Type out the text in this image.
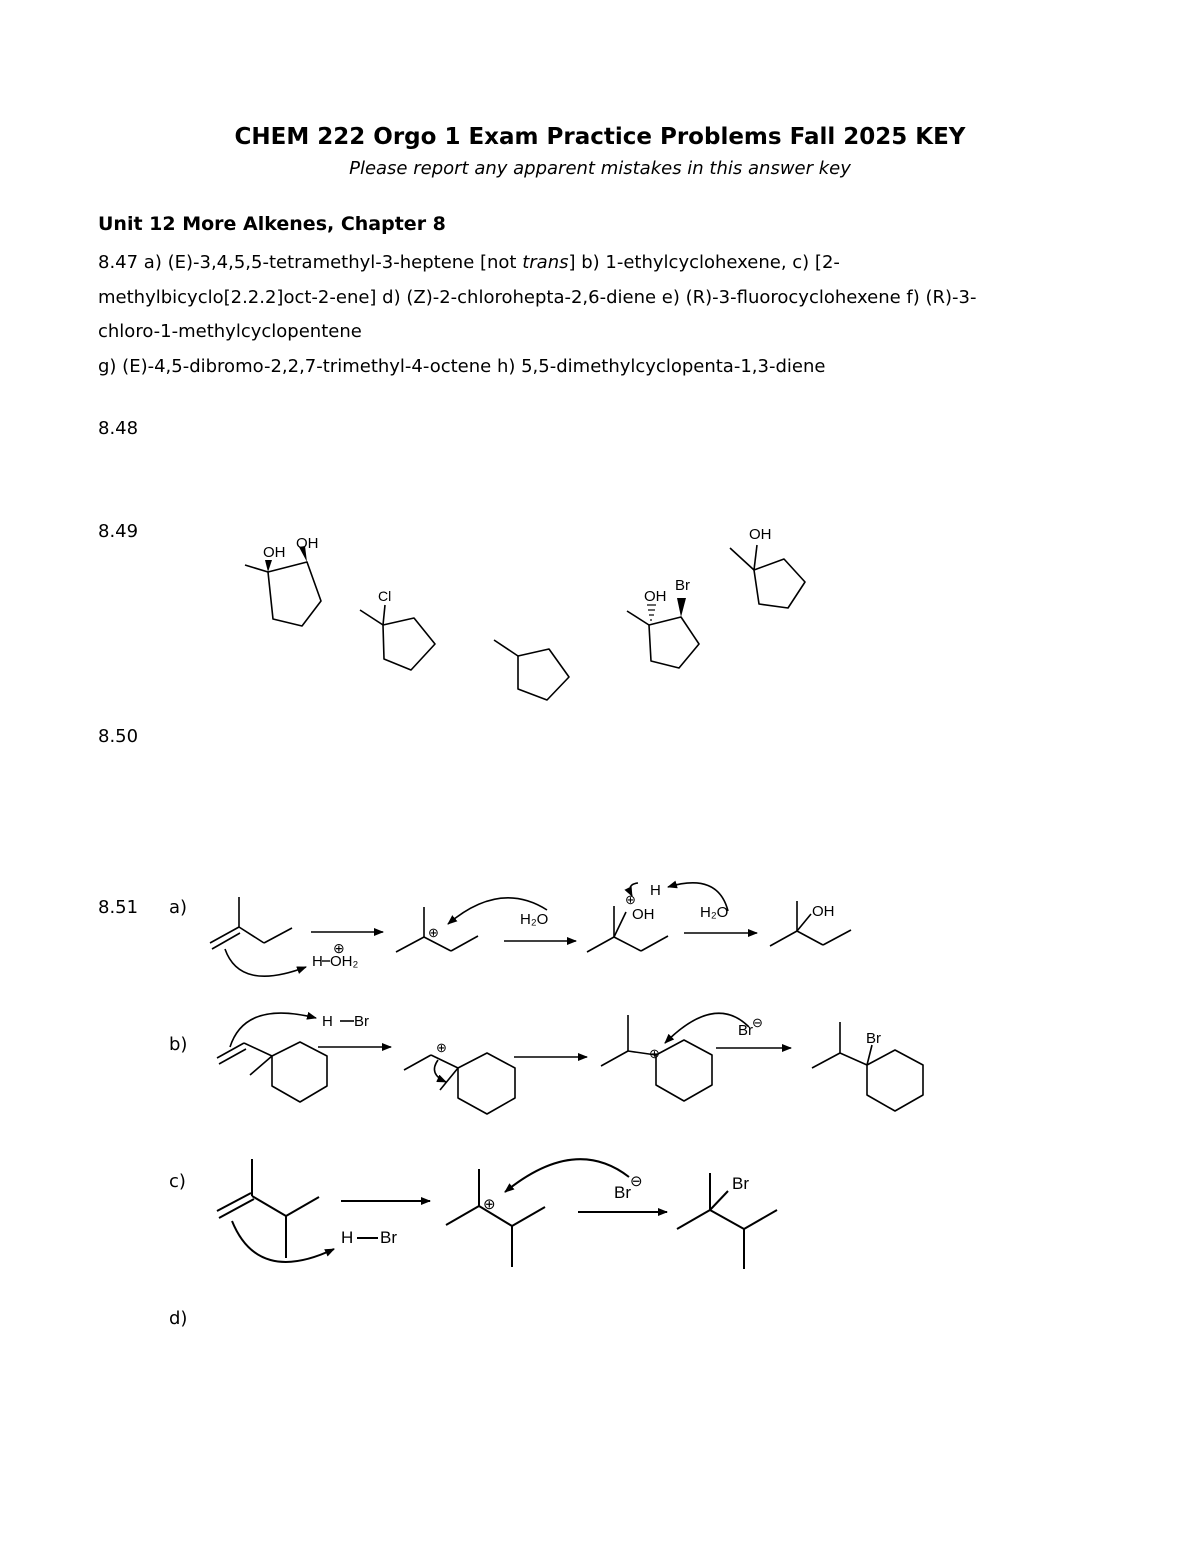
CHEM 222 Orgo 1 Exam Practice Problems Fall 2025 KEY
Please report any apparent mistakes in this answer key
Unit 12 More Alkenes, Chapter 8
8.47 a) (E)-3,4,5,5-tetramethyl-3-heptene [not trans] b) 1-ethylcyclohexene, c) [2-
methylbicyclo[2.2.2]oct-2-ene] d) (Z)-2-chlorohepta-2,6-diene e) (R)-3-fluorocyclohexene f) (R)-3-
chloro-1-methylcyclopentene
g) (E)-4,5-dibromo-2,2,7-trimethyl-4-octene h) 5,5-dimethylcyclopenta-1,3-diene
8.48
8.49
8.50
8.51 a)
b)
c)
d)
OH
OH
Cl	OH
Br
OH
H
⊕
OH₂
⊕
H₂O
⊕
H
OH	H₂O	OH
H Br
⊕	⊕
Br ⊖
Br
H Br
⊕
Br
⊖	Br
